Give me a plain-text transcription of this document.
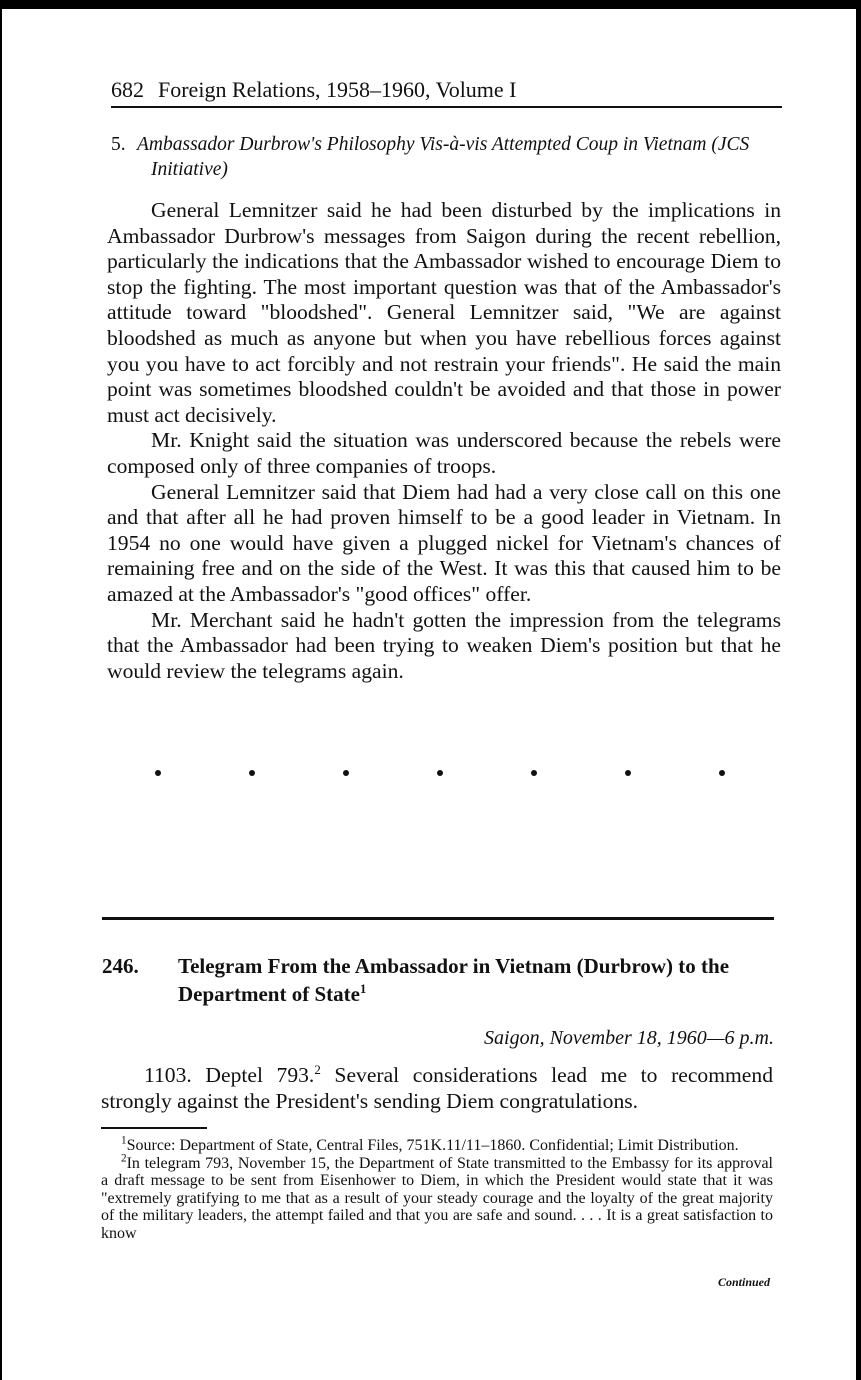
682 Foreign Relations, 1958–1960, Volume I
5. Ambassador Durbrow's Philosophy Vis-à-vis Attempted Coup in Vietnam (JCS
Initiative)

General Lemnitzer said he had been disturbed by the implications in Ambassador Durbrow's messages from Saigon during the recent rebellion, particularly the indications that the Ambassador wished to encourage Diem to stop the fighting. The most important question was that of the Ambassador's attitude toward "bloodshed". General Lemnitzer said, "We are against bloodshed as much as anyone but when you have rebellious forces against you you have to act forcibly and not restrain your friends". He said the main point was sometimes bloodshed couldn't be avoided and that those in power must act decisively.

Mr. Knight said the situation was underscored because the rebels were composed only of three companies of troops.

General Lemnitzer said that Diem had had a very close call on this one and that after all he had proven himself to be a good leader in Vietnam. In 1954 no one would have given a plugged nickel for Vietnam's chances of remaining free and on the side of the West. It was this that caused him to be amazed at the Ambassador's "good offices" offer.

Mr. Merchant said he hadn't gotten the impression from the telegrams that the Ambassador had been trying to weaken Diem's position but that he would review the telegrams again.

246. Telegram From the Ambassador in Vietnam (Durbrow) to the Department of State$^1$
Saigon, November 18, 1960—6 p.m.

1103. Deptel 793.$^2$ Several considerations lead me to recommend strongly against the President's sending Diem congratulations.

$^1$Source: Department of State, Central Files, 751K.11/11–1860. Confidential; Limit Distribution.

$^2$In telegram 793, November 15, the Department of State transmitted to the Embassy for its approval a draft message to be sent from Eisenhower to Diem, in which the President would state that it was "extremely gratifying to me that as a result of your steady courage and the loyalty of the great majority of the military leaders, the attempt failed and that you are safe and sound. . . . It is a great satisfaction to know

Continued
